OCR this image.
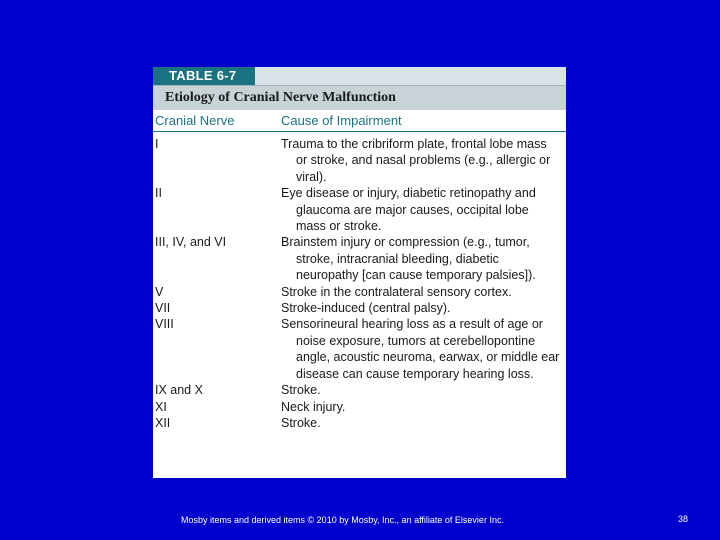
TABLE 6-7
Etiology of Cranial Nerve Malfunction
Cranial Nerve	Cause of Impairment
I	Trauma to the cribriform plate, frontal lobe mass or stroke, and nasal problems (e.g., allergic or viral).
II	Eye disease or injury, diabetic retinopathy and glaucoma are major causes, occipital lobe mass or stroke.
III, IV, and VI	Brainstem injury or compression (e.g., tumor, stroke, intracranial bleeding, diabetic neuropathy [can cause temporary palsies]).
V	Stroke in the contralateral sensory cortex.
VII	Stroke-induced (central palsy).
VIII	Sensorineural hearing loss as a result of age or noise exposure, tumors at cerebellopontine angle, acoustic neuroma, earwax, or middle ear disease can cause temporary hearing loss.
IX and X	Stroke.
XI	Neck injury.
XII	Stroke.
Mosby items and derived items © 2010 by Mosby, Inc., an affiliate of Elsevier Inc.	38
